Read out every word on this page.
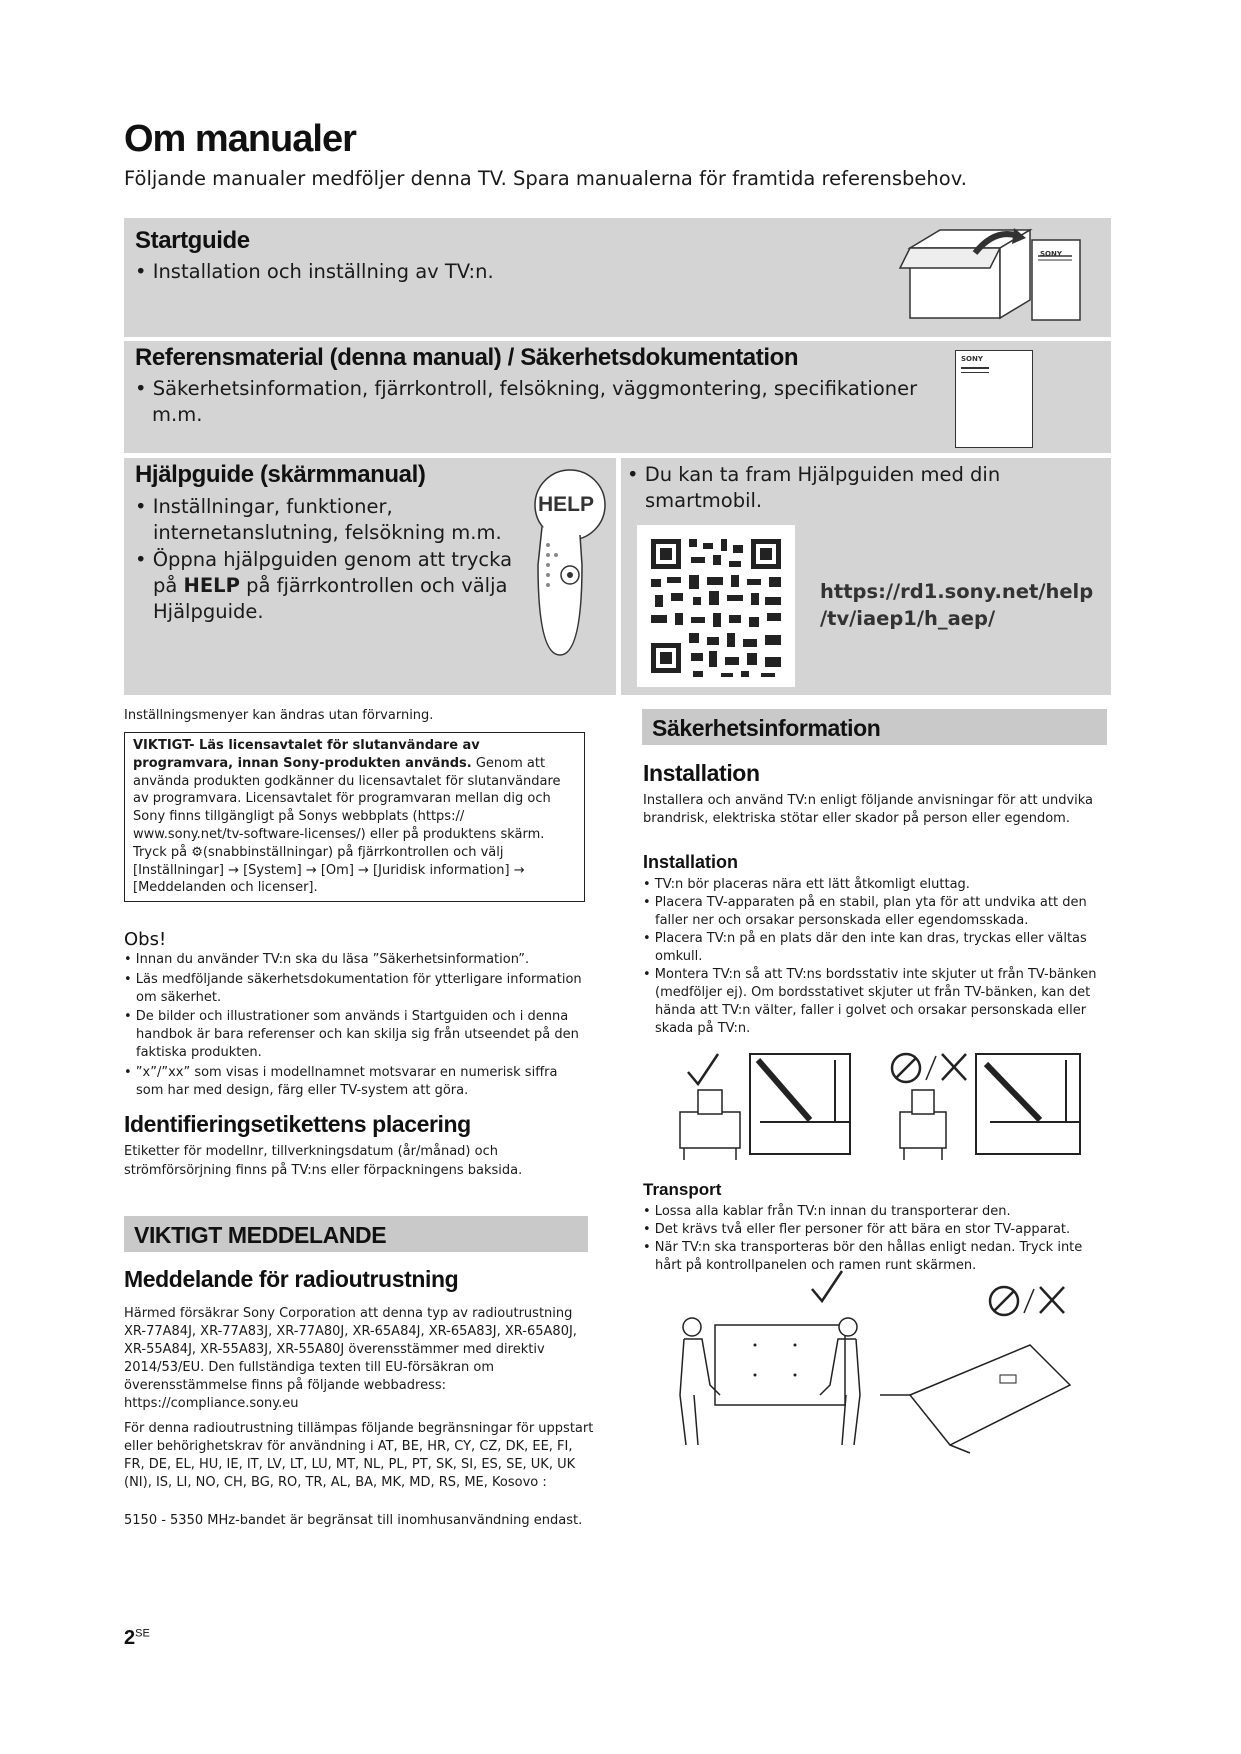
Om manualer
Följande manualer medföljer denna TV. Spara manualerna för framtida referensbehov.
Startguide
• Installation och inställning av TV:n.
SONY
Referensmaterial (denna manual) / Säkerhetsdokumentation
• Säkerhetsinformation, fjärrkontroll, felsökning, väggmontering, specifikationer
m.m.
SONY
Hjälpguide (skärmmanual)
• Inställningar, funktioner, internetanslutning, felsökning m.m.
• Öppna hjälpguiden genom att trycka på HELP på fjärrkontrollen och välja Hjälpguide.
HELP
• Du kan ta fram Hjälpguiden med din smartmobil.
https://rd1.sony.net/help
/tv/iaep1/h_aep/
Inställningsmenyer kan ändras utan förvarning.
VIKTIGT- Läs licensavtalet för slutanvändare av programvara, innan Sony-produkten används. Genom att använda produkten godkänner du licensavtalet för slutanvändare av programvara. Licensavtalet för programvaran mellan dig och Sony finns tillgängligt på Sonys webbplats (https:// www.sony.net/tv-software-licenses/) eller på produktens skärm. Tryck på ⚙(snabbinställningar) på fjärrkontrollen och välj [Inställningar] → [System] → [Om] → [Juridisk information] → [Meddelanden och licenser].
Obs!
• Innan du använder TV:n ska du läsa ”Säkerhetsinformation”.
• Läs medföljande säkerhetsdokumentation för ytterligare information om säkerhet.
• De bilder och illustrationer som används i Startguiden och i denna handbok är bara referenser och kan skilja sig från utseendet på den faktiska produkten.
• ”x”/”xx” som visas i modellnamnet motsvarar en numerisk siffra som har med design, färg eller TV-system att göra.
Identifieringsetikettens placering
Etiketter för modellnr, tillverkningsdatum (år/månad) och strömförsörjning finns på TV:ns eller förpackningens baksida.
VIKTIGT MEDDELANDE
Meddelande för radioutrustning
Härmed försäkrar Sony Corporation att denna typ av radioutrustning XR-77A84J, XR-77A83J, XR-77A80J, XR-65A84J, XR-65A83J, XR-65A80J, XR-55A84J, XR-55A83J, XR-55A80J överensstämmer med direktiv 2014/53/EU. Den fullständiga texten till EU-försäkran om överensstämmelse finns på följande webbadress: https://compliance.sony.eu
För denna radioutrustning tillämpas följande begränsningar för uppstart eller behörighetskrav för användning i AT, BE, HR, CY, CZ, DK, EE, FI, FR, DE, EL, HU, IE, IT, LV, LT, LU, MT, NL, PL, PT, SK, SI, ES, SE, UK, UK (NI), IS, LI, NO, CH, BG, RO, TR, AL, BA, MK, MD, RS, ME, Kosovo :
5150 - 5350 MHz-bandet är begränsat till inomhusanvändning endast.
$2^{SE}$
Säkerhetsinformation
Installation
Installera och använd TV:n enligt följande anvisningar för att undvika brandrisk, elektriska stötar eller skador på person eller egendom.
Installation
• TV:n bör placeras nära ett lätt åtkomligt eluttag.
• Placera TV-apparaten på en stabil, plan yta för att undvika att den faller ner och orsakar personskada eller egendomsskada.
• Placera TV:n på en plats där den inte kan dras, tryckas eller vältas omkull.
• Montera TV:n så att TV:ns bordsstativ inte skjuter ut från TV-bänken (medföljer ej). Om bordsstativet skjuter ut från TV-bänken, kan det hända att TV:n välter, faller i golvet och orsakar personskada eller skada på TV:n.
Transport
• Lossa alla kablar från TV:n innan du transporterar den.
• Det krävs två eller fler personer för att bära en stor TV-apparat.
• När TV:n ska transporteras bör den hållas enligt nedan. Tryck inte hårt på kontrollpanelen och ramen runt skärmen.
